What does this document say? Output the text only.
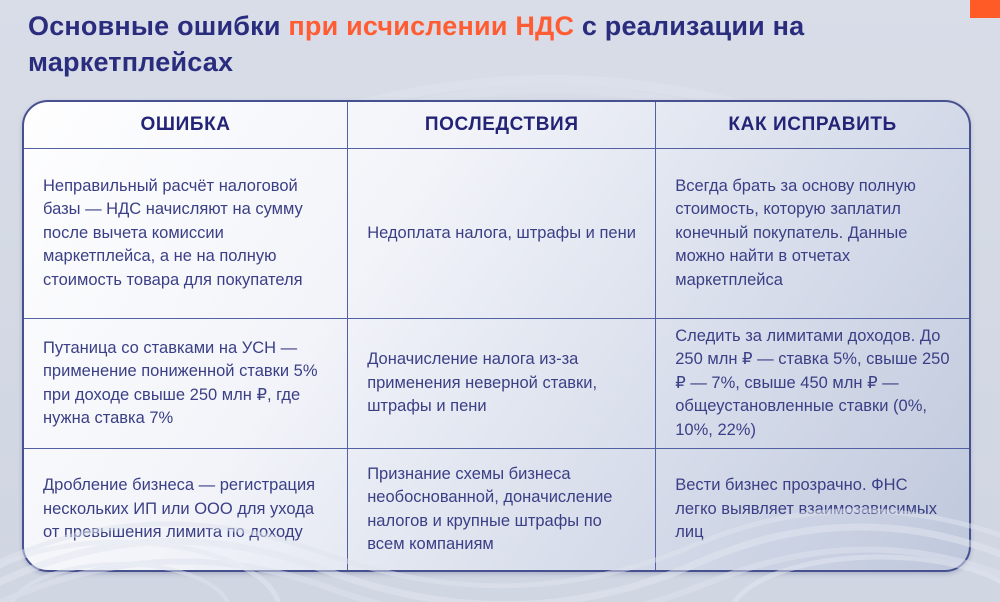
Основные ошибки при исчислении НДС с реализации на маркетплейсах
ОШИБКА	ПОСЛЕДСТВИЯ	КАК ИСПРАВИТЬ
Неправильный расчёт налоговой базы — НДС начисляют на сумму после вычета комиссии маркетплейса, а не на полную стоимость товара для покупателя
Недоплата налога, штрафы и пени
Всегда брать за основу полную стоимость, которую заплатил конечный покупатель. Данные можно найти в отчетах маркетплейса
Путаница со ставками на УСН — применение пониженной ставки 5% при доходе свыше 250 млн ₽, где нужна ставка 7%
Доначисление налога из-за применения неверной ставки, штрафы и пени
Следить за лимитами доходов. До 250 млн ₽ — ставка 5%, свыше 250 ₽ — 7%, свыше 450 млн ₽ — общеустановленные ставки (0%, 10%, 22%)
Дробление бизнеса — регистрация нескольких ИП или ООО для ухода от превышения лимита по доходу
Признание схемы бизнеса необоснованной, доначисление налогов и крупные штрафы по всем компаниям
Вести бизнес прозрачно. ФНС легко выявляет взаимозависимых лиц
